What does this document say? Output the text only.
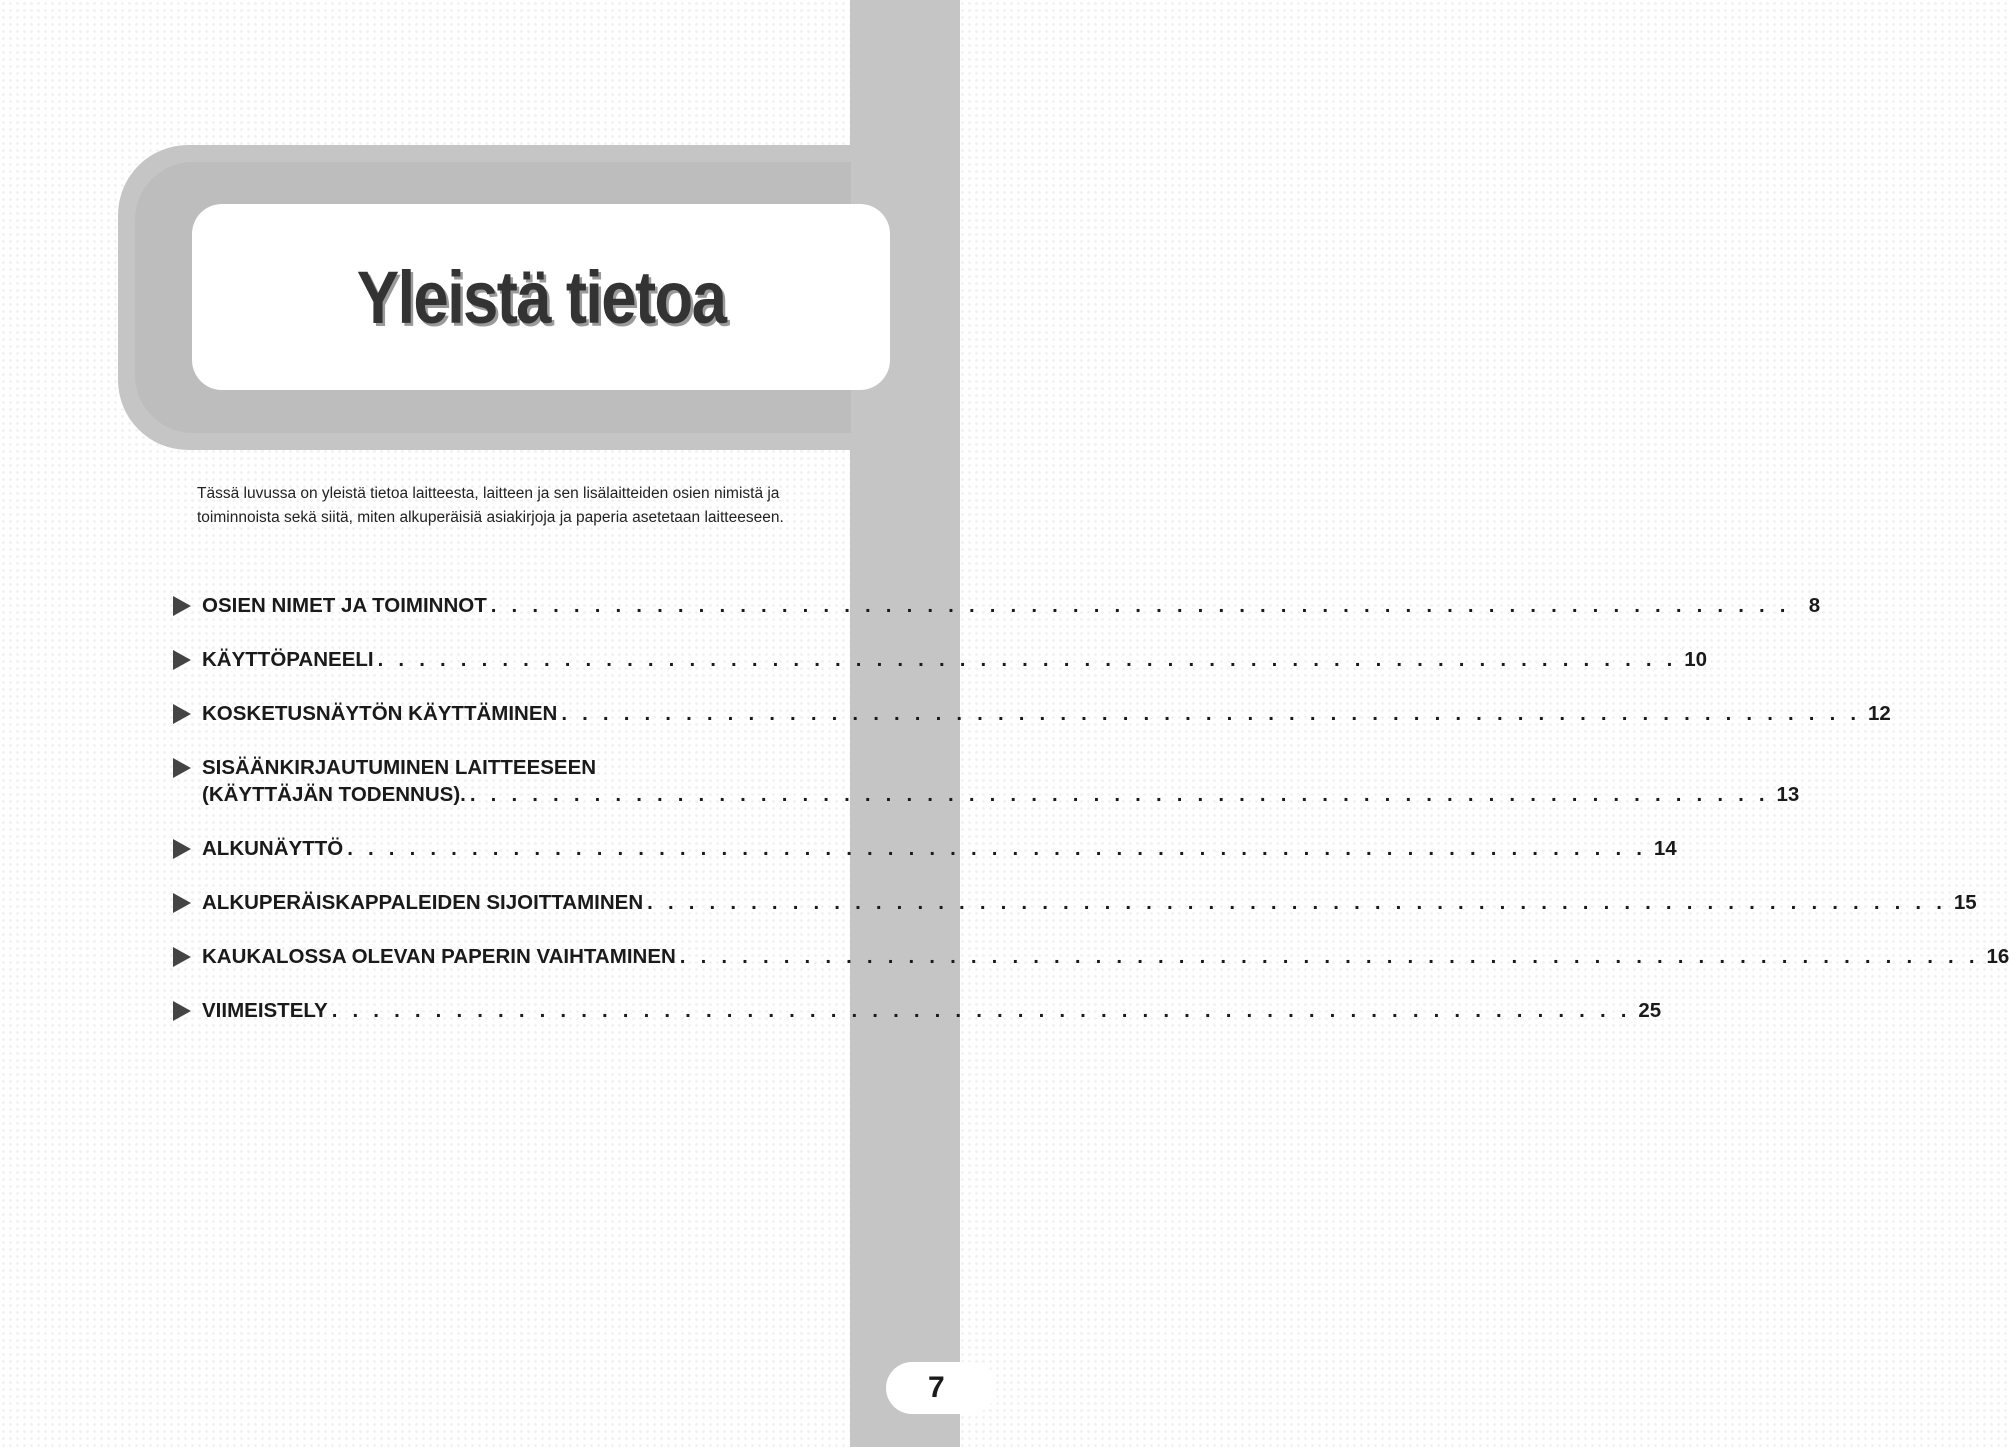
Yleistä tietoa

Tässä luvussa on yleistä tietoa laitteesta, laitteen ja sen lisälaitteiden osien nimistä ja toiminnoista sekä siitä, miten alkuperäisiä asiakirjoja ja paperia asetetaan laitteeseen.

OSIEN NIMET JA TOIMINNOT . . .	8
KÄYTTÖPANEELI . . .	10
KOSKETUSNÄYTÖN KÄYTTÄMINEN . . .	12
SISÄÄNKIRJAUTUMINEN LAITTEESEEN
(KÄYTTÄJÄN TODENNUS). . . .	13
ALKUNÄYTTÖ . . .	14
ALKUPERÄISKAPPALEIDEN SIJOITTAMINEN . . .	15
KAUKALOSSA OLEVAN PAPERIN VAIHTAMINEN . . .	16
VIIMEISTELY . . .	25
7
